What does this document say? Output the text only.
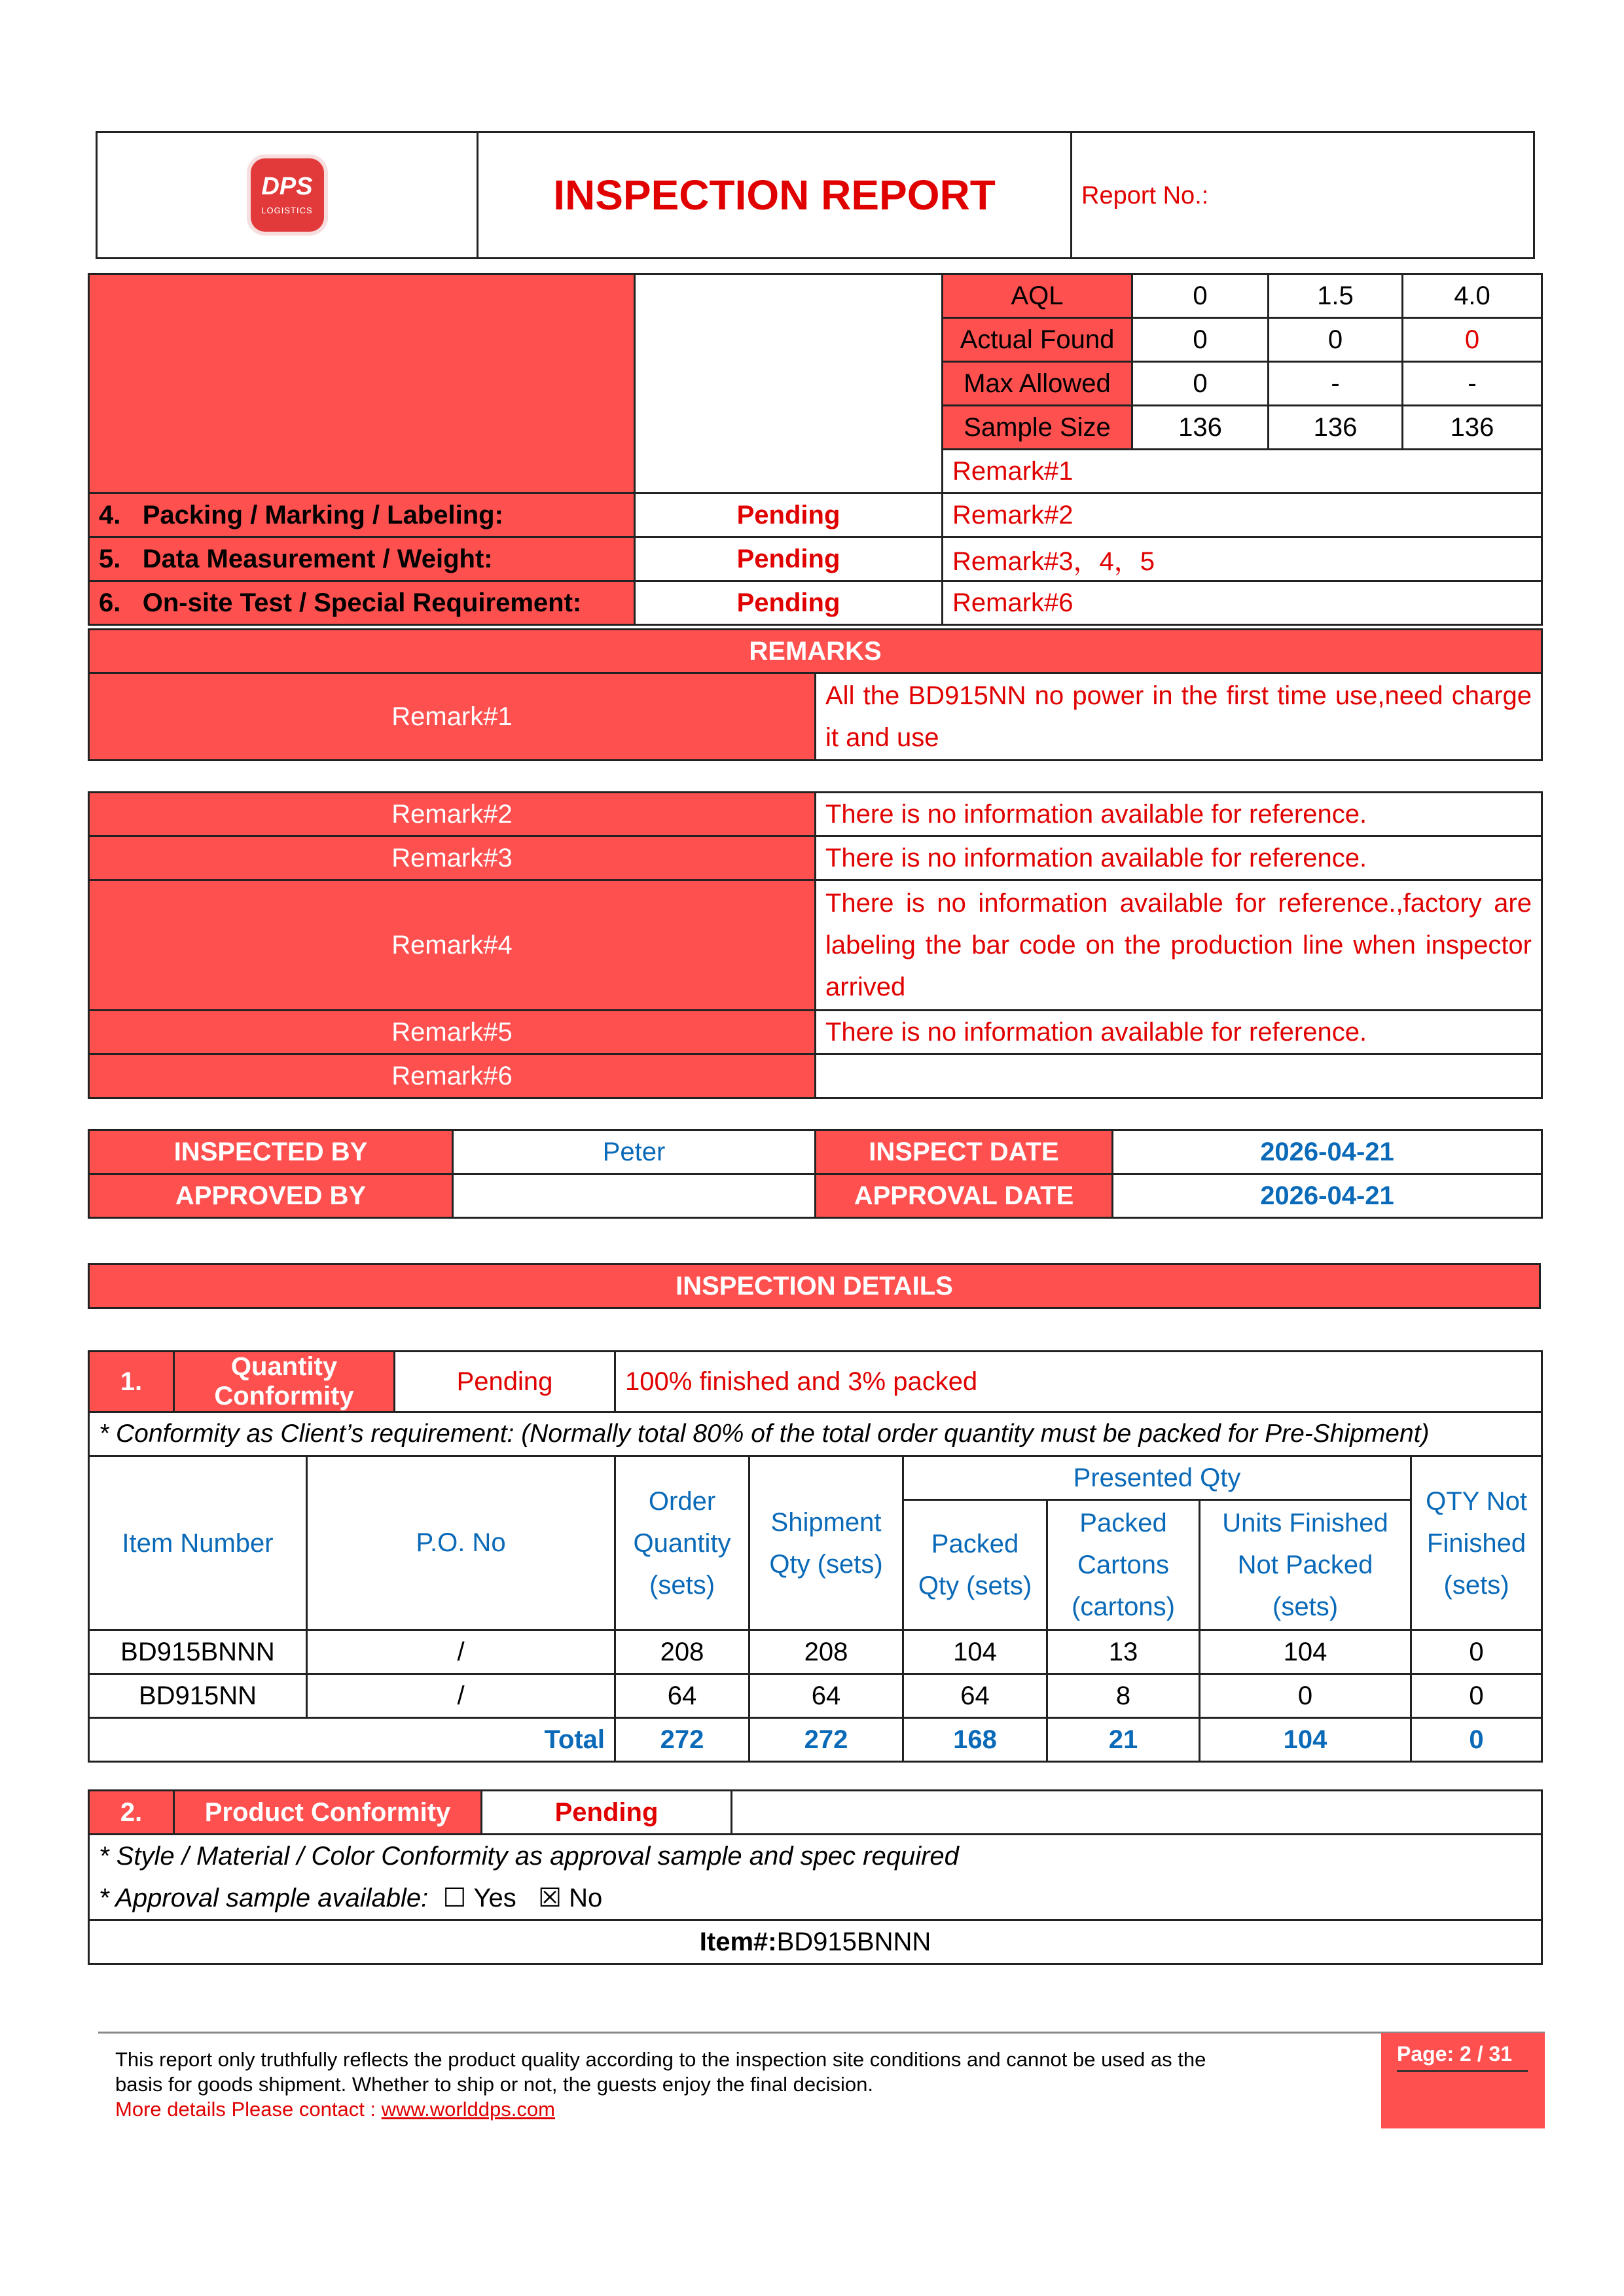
DPS
LOGISTICS	INSPECTION REPORT	Report No.:
		AQL	0	1.5	4.0
		Actual Found	0	0	0
		Max Allowed	0	-	-
		Sample Size	136	136	136
		Remark#1			
4. Packing / Marking / Labeling:	Pending	Remark#2			
5. Data Measurement / Weight:	Pending	Remark#3，4，5			
6. On-site Test / Special Requirement:	Pending	Remark#6			
REMARKS
Remark#1	All the BD915NN no power in the first time use,need charge it and use
Remark#2	There is no information available for reference.
Remark#3	There is no information available for reference.
Remark#4	There is no information available for reference.,factory are labeling the bar code on the production line when inspector arrived
Remark#5	There is no information available for reference.
Remark#6	
INSPECTED BY	Peter	INSPECT DATE	2026-04-21
APPROVED BY		APPROVAL DATE	2026-04-21
INSPECTION DETAILS
1.	Quantity Conformity		Pending	100% finished and 3% packed					
* Conformity as Client’s requirement: (Normally total 80% of the total order quantity must be packed for Pre-Shipment)									
Item Number		P.O. No		Order Quantity (sets)	Shipment Qty (sets)	Presented Qty			QTY Not Finished (sets)
						Packed Qty (sets)	Packed Cartons (cartons)	Units Finished Not Packed (sets)	
BD915BNNN		/		208	208	104	13	104	0
BD915NN		/		64	64	64	8	0	0
Total				272	272	168	21	104	0
2.	Product Conformity	Pending	

* Style / Material / Color Conformity as approval sample and spec required
* Approval sample available: ☐ Yes ☒ No

Item#:BD915BNNN
This report only truthfully reflects the product quality according to the inspection site conditions and cannot be used as the
basis for goods shipment. Whether to ship or not, the guests enjoy the final decision.
More details Please contact : www.worlddps.com
Page: 2 / 31
